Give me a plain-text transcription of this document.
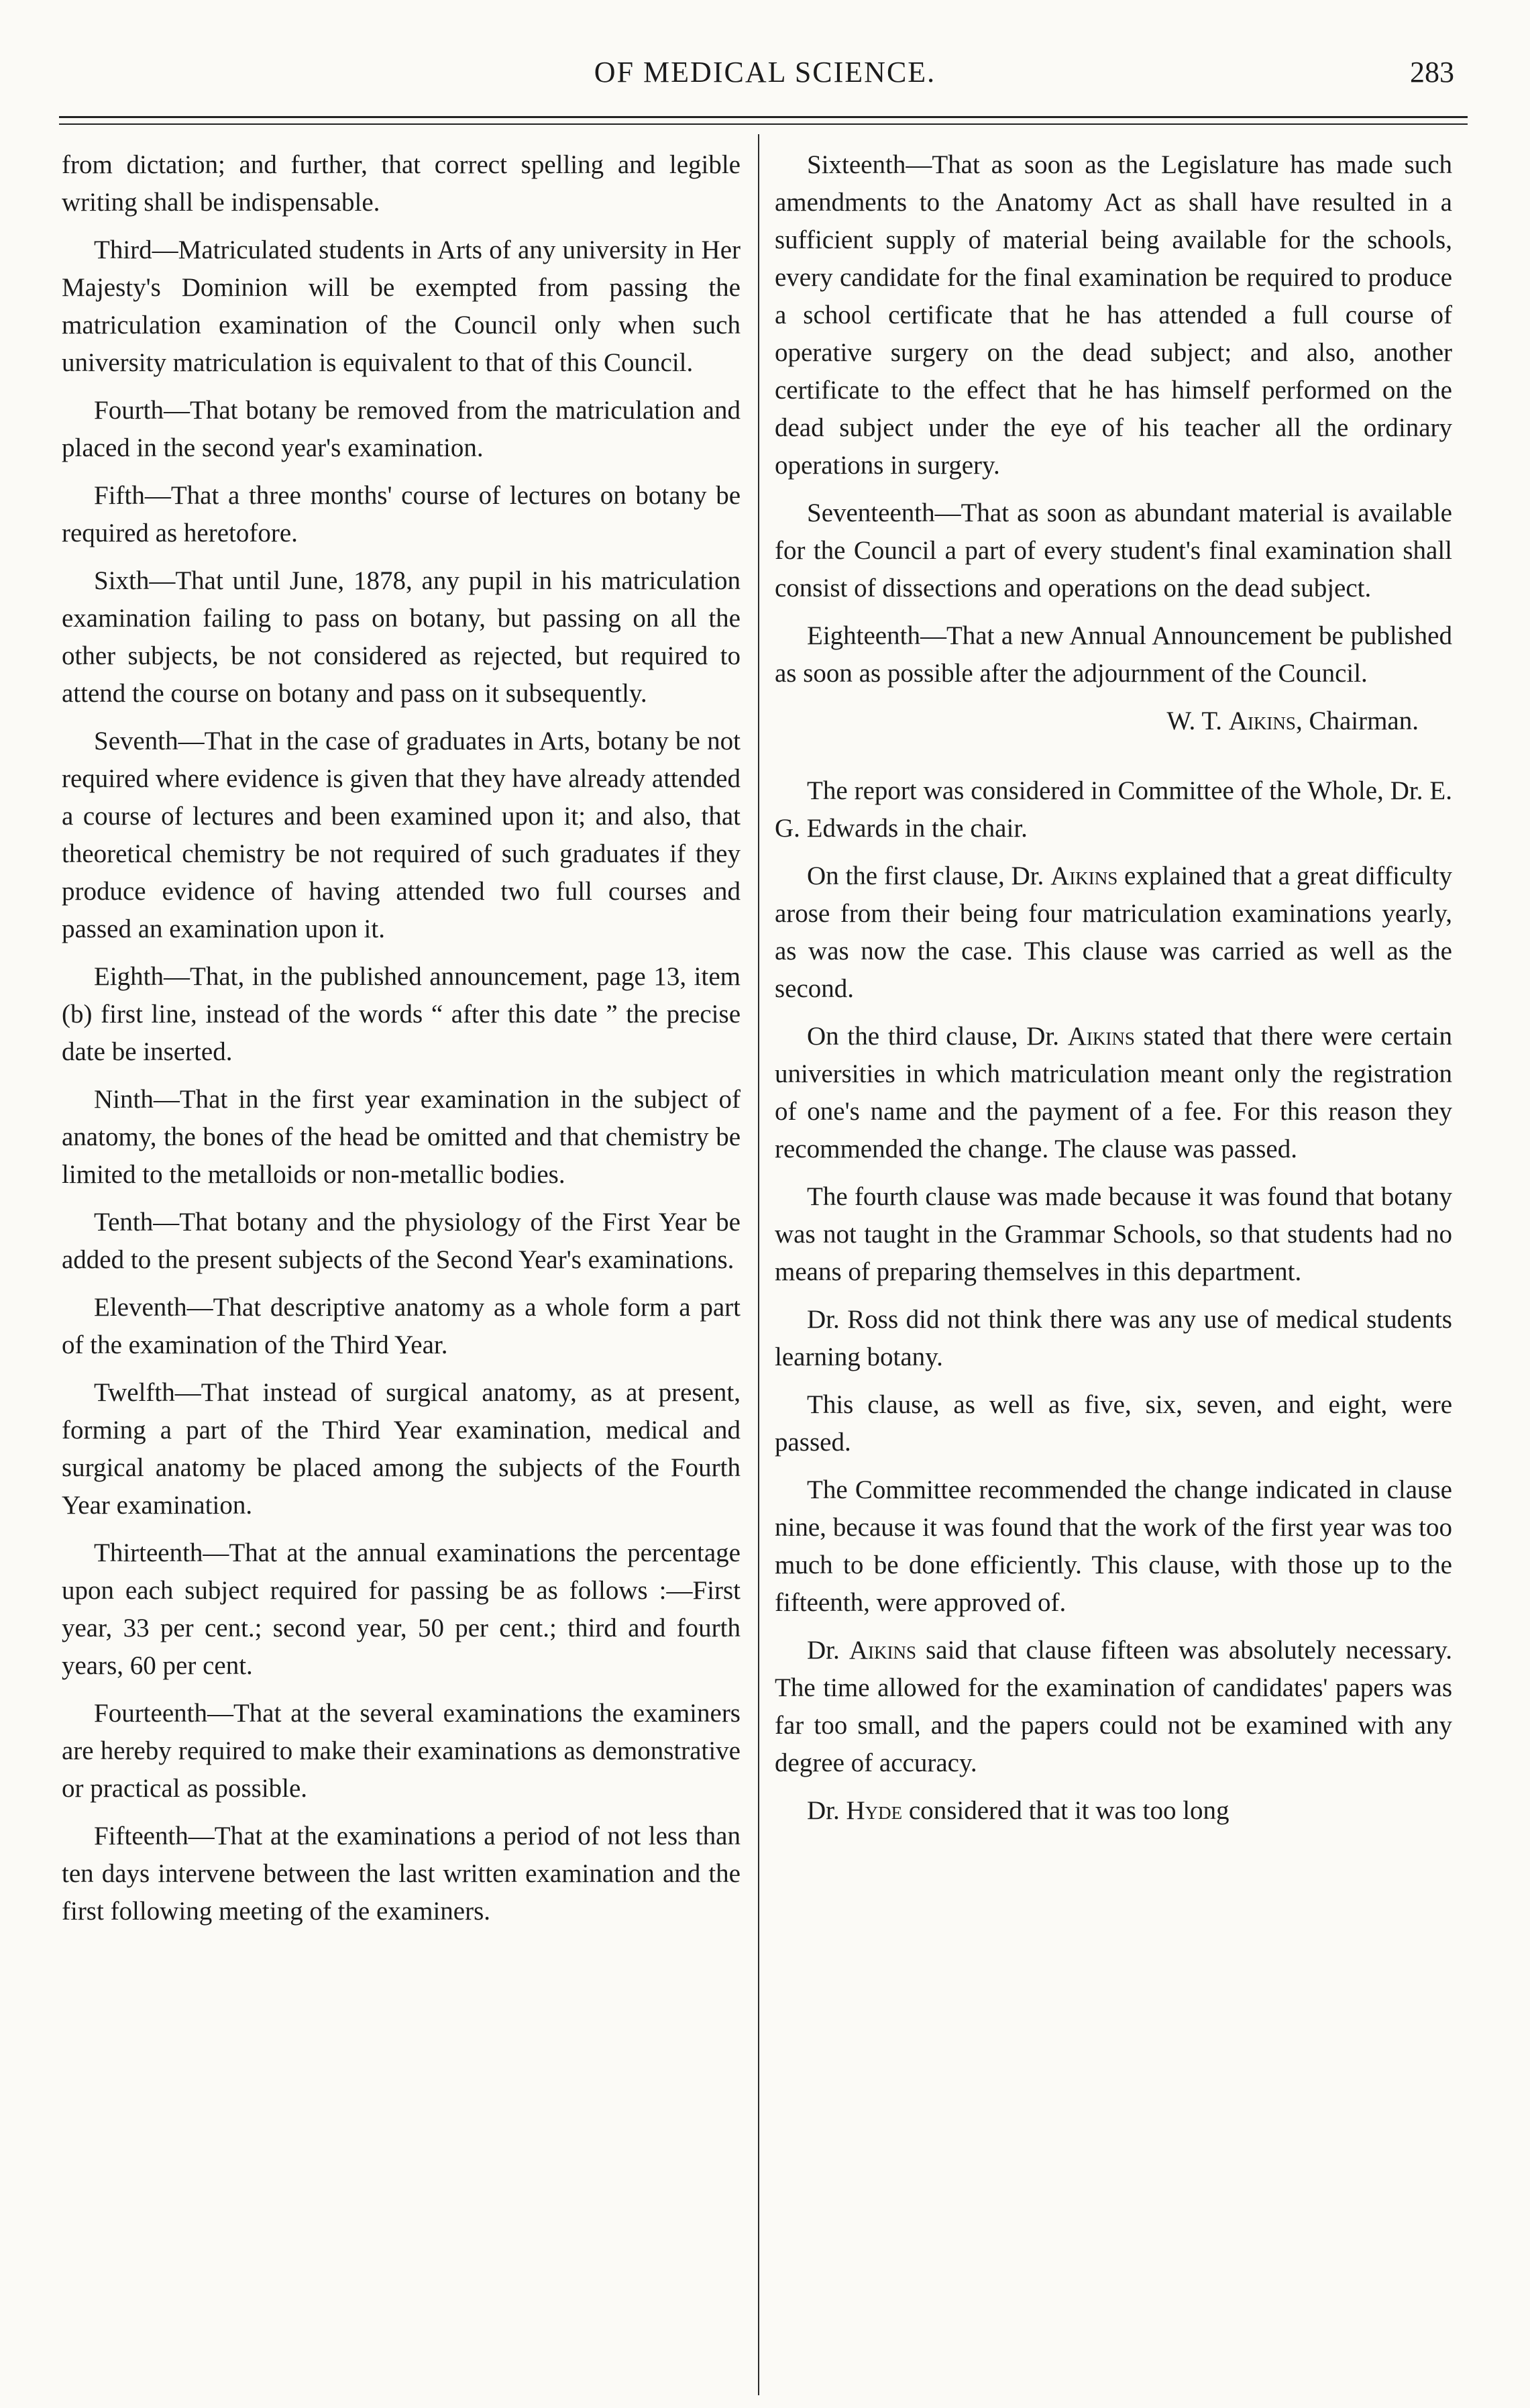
OF MEDICAL SCIENCE.	283

from dictation; and further, that correct spelling and legible writing shall be indispensable.

Third—Matriculated students in Arts of any university in Her Majesty's Dominion will be exempted from passing the matriculation examination of the Council only when such university matriculation is equivalent to that of this Council.

Fourth—That botany be removed from the matriculation and placed in the second year's examination.

Fifth—That a three months' course of lectures on botany be required as heretofore.

Sixth—That until June, 1878, any pupil in his matriculation examination failing to pass on botany, but passing on all the other subjects, be not considered as rejected, but required to attend the course on botany and pass on it subsequently.

Seventh—That in the case of graduates in Arts, botany be not required where evidence is given that they have already attended a course of lectures and been examined upon it; and also, that theoretical chemistry be not required of such graduates if they produce evidence of having attended two full courses and passed an examination upon it.

Eighth—That, in the published announcement, page 13, item (b) first line, instead of the words “ after this date ” the precise date be inserted.

Ninth—That in the first year examination in the subject of anatomy, the bones of the head be omitted and that chemistry be limited to the metalloids or non-metallic bodies.

Tenth—That botany and the physiology of the First Year be added to the present subjects of the Second Year's examinations.

Eleventh—That descriptive anatomy as a whole form a part of the examination of the Third Year.

Twelfth—That instead of surgical anatomy, as at present, forming a part of the Third Year examination, medical and surgical anatomy be placed among the subjects of the Fourth Year examination.

Thirteenth—That at the annual examinations the percentage upon each subject required for passing be as follows :—First year, 33 per cent.; second year, 50 per cent.; third and fourth years, 60 per cent.

Fourteenth—That at the several examinations the examiners are hereby required to make their examinations as demonstrative or practical as possible.

Fifteenth—That at the examinations a period of not less than ten days intervene between the last written examination and the first following meeting of the examiners.

Sixteenth—That as soon as the Legislature has made such amendments to the Anatomy Act as shall have resulted in a sufficient supply of material being available for the schools, every candidate for the final examination be required to produce a school certificate that he has attended a full course of operative surgery on the dead subject; and also, another certificate to the effect that he has himself performed on the dead subject under the eye of his teacher all the ordinary operations in surgery.

Seventeenth—That as soon as abundant material is available for the Council a part of every student's final examination shall consist of dissections and operations on the dead subject.

Eighteenth—That a new Annual Announcement be published as soon as possible after the adjournment of the Council.

W. T. Aikins, Chairman.

The report was considered in Committee of the Whole, Dr. E. G. Edwards in the chair.

On the first clause, Dr. Aikins explained that a great difficulty arose from their being four matriculation examinations yearly, as was now the case. This clause was carried as well as the second.

On the third clause, Dr. Aikins stated that there were certain universities in which matriculation meant only the registration of one's name and the payment of a fee. For this reason they recommended the change. The clause was passed.

The fourth clause was made because it was found that botany was not taught in the Grammar Schools, so that students had no means of preparing themselves in this department.

Dr. Ross did not think there was any use of medical students learning botany.

This clause, as well as five, six, seven, and eight, were passed.

The Committee recommended the change indicated in clause nine, because it was found that the work of the first year was too much to be done efficiently. This clause, with those up to the fifteenth, were approved of.

Dr. Aikins said that clause fifteen was absolutely necessary. The time allowed for the examination of candidates' papers was far too small, and the papers could not be examined with any degree of accuracy.

Dr. Hyde considered that it was too long
